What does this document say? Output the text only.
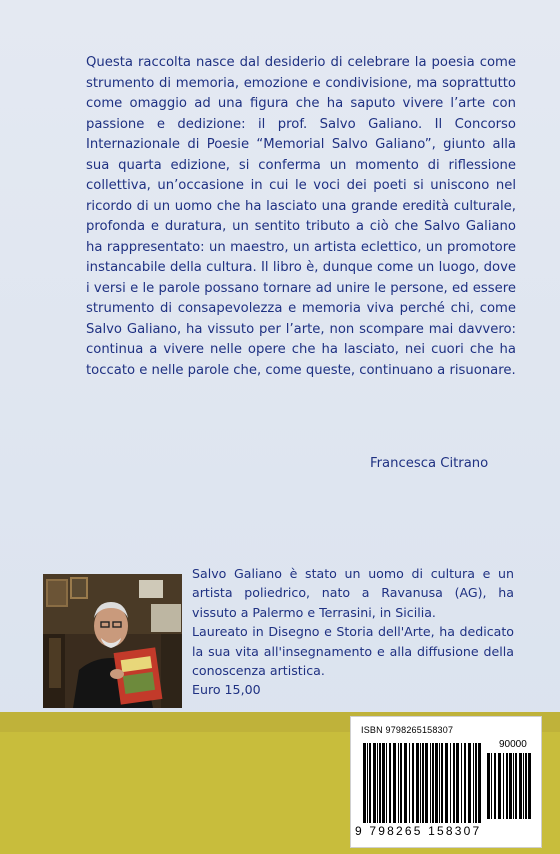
Questa raccolta nasce dal desiderio di celebrare la poesia come strumento di memoria, emozione e condivisione, ma soprattutto come omaggio ad una figura che ha saputo vivere l’arte con passione e dedizione: il prof. Salvo Galiano. Il Concorso Internazionale di Poesie “Memorial Salvo Galiano”, giunto alla sua quarta edizione, si conferma un momento di riflessione collettiva, un’occasione in cui le voci dei poeti si uniscono nel ricordo di un uomo che ha lasciato una grande eredità culturale, profonda e duratura, un sentito tributo a ciò che Salvo Galiano ha rappresentato: un maestro, un artista eclettico, un promotore instancabile della cultura. Il libro è, dunque come un luogo, dove i versi e le parole possano tornare ad unire le persone, ed essere strumento di consapevolezza e memoria viva perché chi, come Salvo Galiano, ha vissuto per l’arte, non scompare mai davvero: continua a vivere nelle opere che ha lasciato, nei cuori che ha toccato e nelle parole che, come queste, continuano a risuonare.

Francesca Citrano

Salvo Galiano è stato un uomo di cultura e un artista poliedrico, nato a Ravanusa (AG), ha vissuto a Palermo e Terrasini, in Sicilia.

Laureato in Disegno e Storia dell'Arte, ha dedicato la sua vita all'insegnamento e alla diffusione della conoscenza artistica.

Euro 15,00

ISBN 9798265158307
90000
9 798265 158307
